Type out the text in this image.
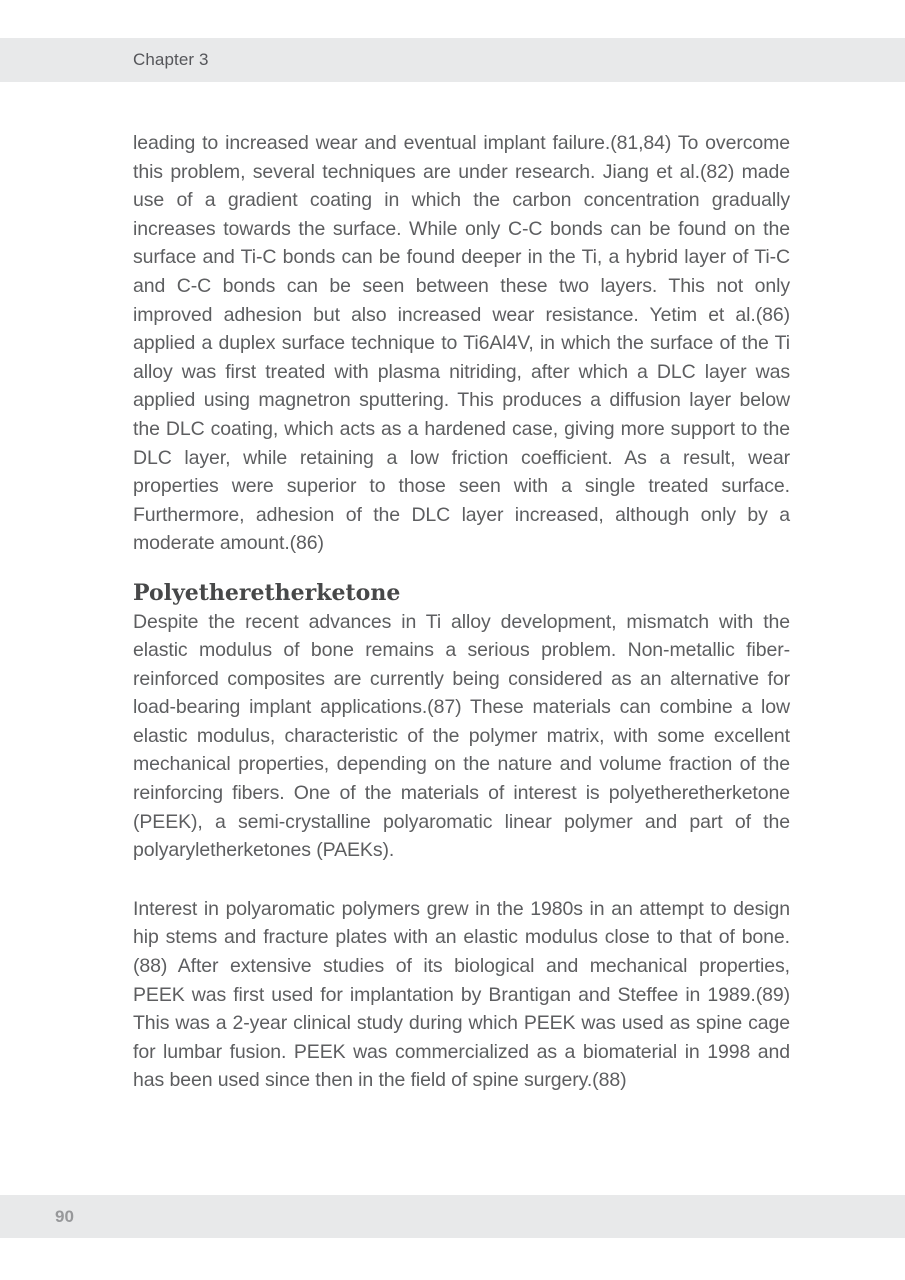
Chapter 3

leading to increased wear and eventual implant failure.(81,84) To overcome this problem, several techniques are under research. Jiang et al.(82) made use of a gradient coating in which the carbon concentration gradually increases towards the surface. While only C-C bonds can be found on the surface and Ti-C bonds can be found deeper in the Ti, a hybrid layer of Ti-C and C-C bonds can be seen between these two layers. This not only improved adhesion but also increased wear resistance. Yetim et al.(86) applied a duplex surface technique to Ti6Al4V, in which the surface of the Ti alloy was first treated with plasma nitriding, after which a DLC layer was applied using magnetron sputtering. This produces a diffusion layer below the DLC coating, which acts as a hardened case, giving more support to the DLC layer, while retaining a low friction coefficient. As a result, wear properties were superior to those seen with a single treated surface. Furthermore, adhesion of the DLC layer increased, although only by a moderate amount.(86)

Polyetheretherketone

Despite the recent advances in Ti alloy development, mismatch with the elastic modulus of bone remains a serious problem. Non-metallic fiber-reinforced composites are currently being considered as an alternative for load-bearing implant applications.(87) These materials can combine a low elastic modulus, characteristic of the polymer matrix, with some excellent mechanical properties, depending on the nature and volume fraction of the reinforcing fibers. One of the materials of interest is polyetheretherketone (PEEK), a semi-crystalline polyaromatic linear polymer and part of the polyaryletherketones (PAEKs).

Interest in polyaromatic polymers grew in the 1980s in an attempt to design hip stems and fracture plates with an elastic modulus close to that of bone.(88) After extensive studies of its biological and mechanical properties, PEEK was first used for implantation by Brantigan and Steffee in 1989.(89) This was a 2-year clinical study during which PEEK was used as spine cage for lumbar fusion. PEEK was commercialized as a biomaterial in 1998 and has been used since then in the field of spine surgery.(88)

90
